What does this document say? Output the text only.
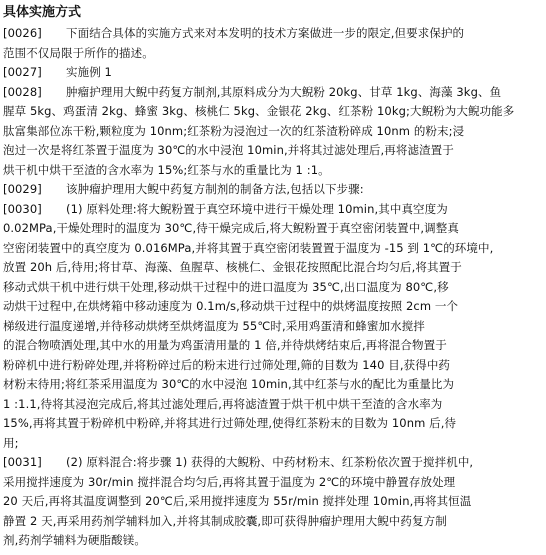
具体实施方式

[0026] 下面结合具体的实施方式来对本发明的技术方案做进一步的限定,但要求保护的

范围不仅局限于所作的描述。

[0027] 实施例 1

[0028] 肿瘤护理用大鲵中药复方制剂,其原料成分为大鲵粉 20kg、甘草 1kg、海藻 3kg、鱼

腥草 5kg、鸡蛋清 2kg、蜂蜜 3kg、核桃仁 5kg、金银花 2kg、红茶粉 10kg;大鲵粉为大鲵功能多

肽富集部位冻干粉,颗粒度为 10nm;红茶粉为浸泡过一次的红茶渣粉碎成 10nm 的粉末;浸

泡过一次是将红茶置于温度为 30℃的水中浸泡 10min,并将其过滤处理后,再将滤渣置于

烘干机中烘干至渣的含水率为 15%;红茶与水的重量比为 1 :1。

[0029] 该肿瘤护理用大鲵中药复方制剂的制备方法,包括以下步骤:

[0030] (1) 原料处理:将大鲵粉置于真空环境中进行干燥处理 10min,其中真空度为

0.02MPa,干燥处理时的温度为 30℃,待干燥完成后,将大鲵粉置于真空密闭装置中,调整真

空密闭装置中的真空度为 0.016MPa,并将其置于真空密闭装置置于温度为 -15 到 1℃的环境中,

放置 20h 后,待用;将甘草、海藻、鱼腥草、核桃仁、金银花按照配比混合均匀后,将其置于

移动式烘干机中进行烘干处理,移动烘干过程中的进口温度为 35℃,出口温度为 80℃,移

动烘干过程中,在烘烤箱中移动速度为 0.1m/s,移动烘干过程中的烘烤温度按照 2cm 一个

梯级进行温度递增,并待移动烘烤至烘烤温度为 55℃时,采用鸡蛋清和蜂蜜加水搅拌

的混合物喷洒处理,其中水的用量为鸡蛋清用量的 1 倍,并待烘烤结束后,再将混合物置于

粉碎机中进行粉碎处理,并将粉碎过后的粉末进行过筛处理,筛的目数为 140 目,获得中药

材粉末待用;将红茶采用温度为 30℃的水中浸泡 10min,其中红茶与水的配比为重量比为

1 :1.1,待将其浸泡完成后,将其过滤处理后,再将滤渣置于烘干机中烘干至渣的含水率为

15%,再将其置于粉碎机中粉碎,并将其进行过筛处理,使得红茶粉末的目数为 10nm 后,待

用;

[0031] (2) 原料混合:将步骤 1) 获得的大鲵粉、中药材粉末、红茶粉依次置于搅拌机中,

采用搅拌速度为 30r/min 搅拌混合均匀后,再将其置于温度为 2℃的环境中静置存放处理

20 天后,再将其温度调整到 20℃后,采用搅拌速度为 55r/min 搅拌处理 10min,再将其恒温

静置 2 天,再采用药剂学辅料加入,并将其制成胶囊,即可获得肿瘤护理用大鲵中药复方制

剂,药剂学辅料为硬脂酸镁。
